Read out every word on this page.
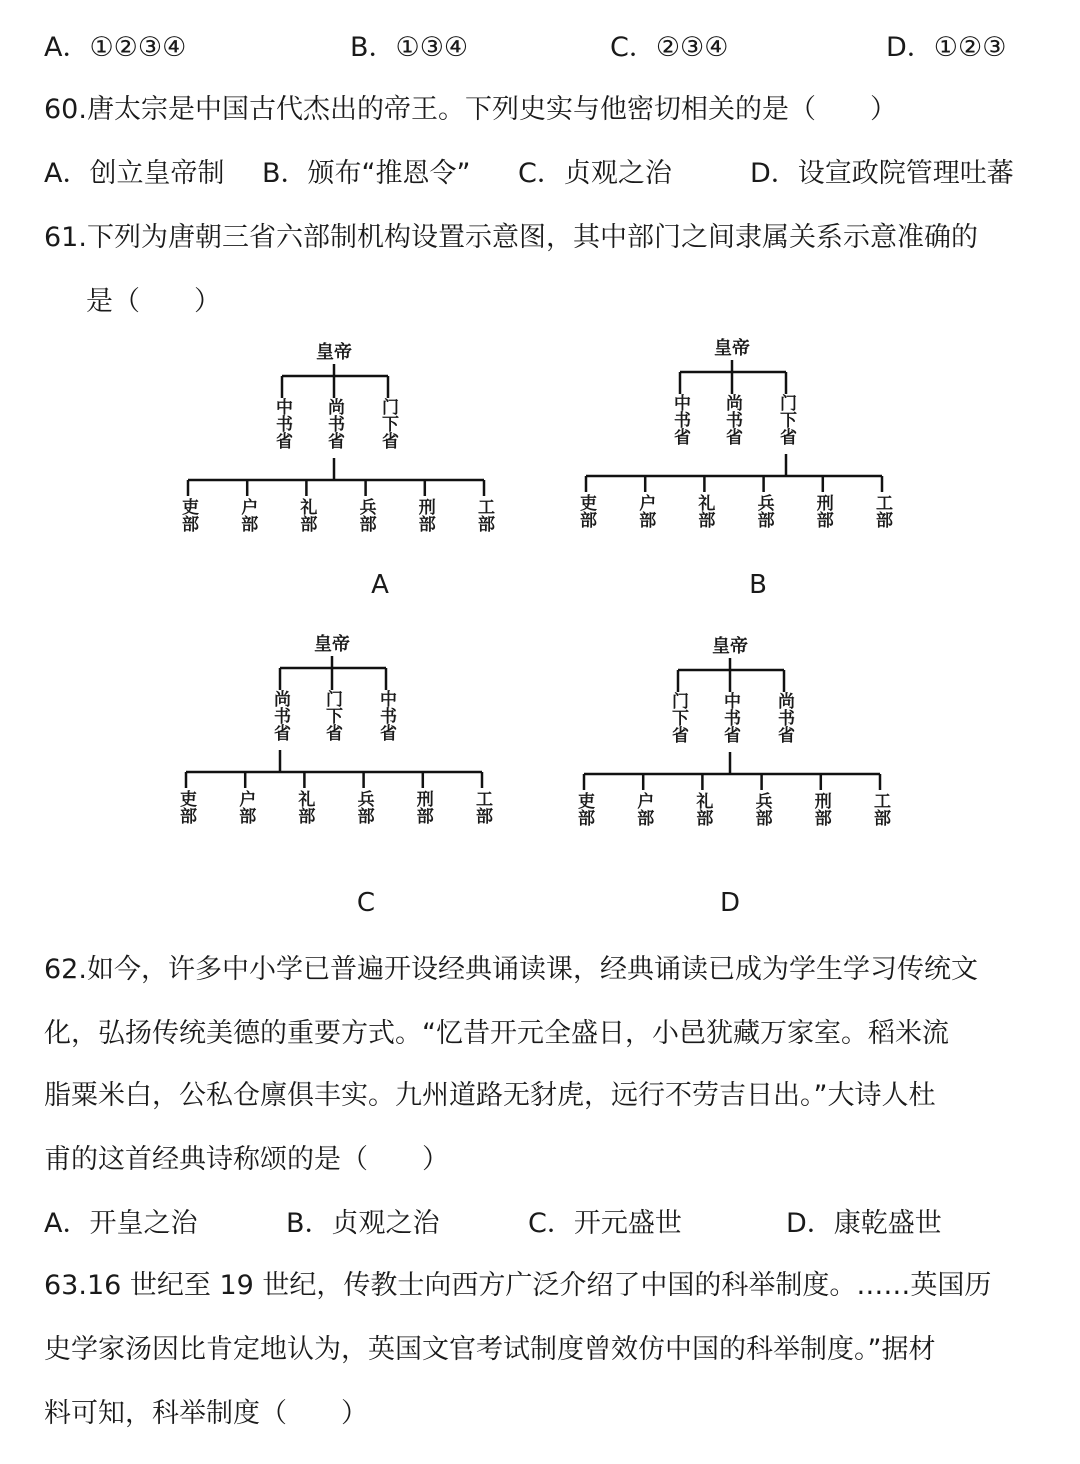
A．①②③④	B．①③④	C．②③④	D．①②③
60.唐太宗是中国古代杰出的帝王。下列史实与他密切相关的是（　　）
A．创立皇帝制 B．颁布“推恩令” C．贞观之治	D．设宣政院管理吐蕃
61.下列为唐朝三省六部制机构设置示意图，其中部门之间隶属关系示意准确的
是（　　）
皇帝
中书省 尚书省 门下省
吏部 户部 礼部 兵部 刑部 工部
A
皇帝
中书省 尚书省 门下省
吏部 户部 礼部 兵部 刑部 工部
B
皇帝
尚书省 门下省 中书省
吏部 户部 礼部 兵部 刑部 工部
C
皇帝
门下省 中书省 尚书省
吏部 户部 礼部 兵部 刑部 工部
D
62.如今，许多中小学已普遍开设经典诵读课，经典诵读已成为学生学习传统文
化，弘扬传统美德的重要方式。“忆昔开元全盛日，小邑犹藏万家室。稻米流
脂粟米白，公私仓廪俱丰实。九州道路无豺虎，远行不劳吉日出。”大诗人杜
甫的这首经典诗称颂的是（　　）
A．开皇之治	B．贞观之治	C．开元盛世	D．康乾盛世
63.16 世纪至 19 世纪，传教士向西方广泛介绍了中国的科举制度。……英国历
史学家汤因比肯定地认为，英国文官考试制度曾效仿中国的科举制度。”据材
料可知，科举制度（　　）
